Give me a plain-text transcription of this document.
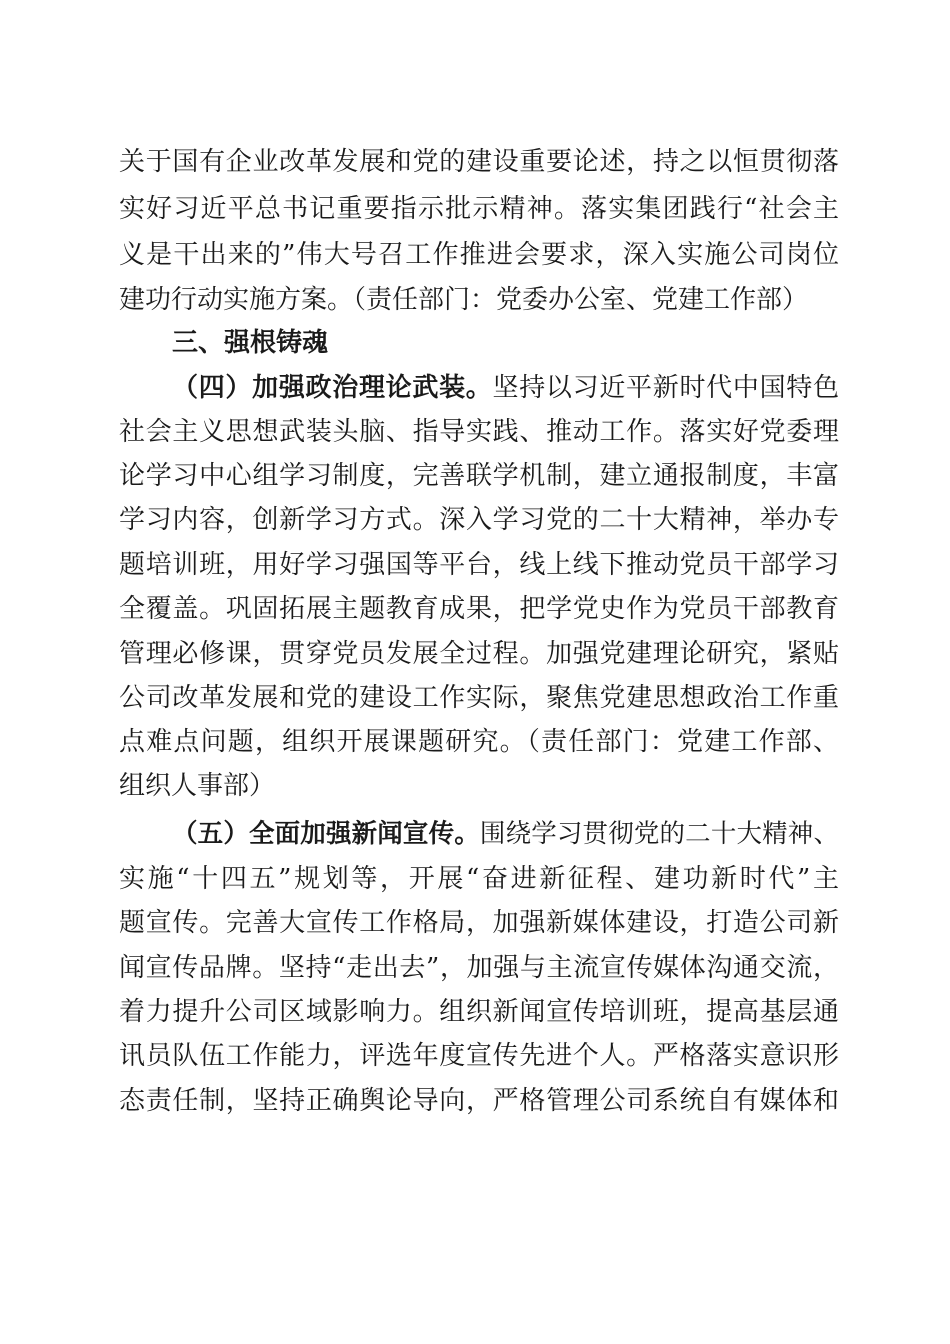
关于国有企业改革发展和党的建设重要论述，持之以恒贯彻落
实好习近平总书记重要指示批示精神。落实集团践行“社会主
义是干出来的”伟大号召工作推进会要求，深入实施公司岗位
建功行动实施方案。（责任部门：党委办公室、党建工作部）
三、强根铸魂
（四）加强政治理论武装。坚持以习近平新时代中国特色
社会主义思想武装头脑、指导实践、推动工作。落实好党委理
论学习中心组学习制度，完善联学机制，建立通报制度，丰富
学习内容，创新学习方式。深入学习党的二十大精神，举办专
题培训班，用好学习强国等平台，线上线下推动党员干部学习
全覆盖。巩固拓展主题教育成果，把学党史作为党员干部教育
管理必修课，贯穿党员发展全过程。加强党建理论研究，紧贴
公司改革发展和党的建设工作实际，聚焦党建思想政治工作重
点难点问题，组织开展课题研究。（责任部门：党建工作部、
组织人事部）
（五）全面加强新闻宣传。围绕学习贯彻党的二十大精神、
实施“十四五”规划等，开展“奋进新征程、建功新时代”主
题宣传。完善大宣传工作格局，加强新媒体建设，打造公司新
闻宣传品牌。坚持“走出去”，加强与主流宣传媒体沟通交流，
着力提升公司区域影响力。组织新闻宣传培训班，提高基层通
讯员队伍工作能力，评选年度宣传先进个人。严格落实意识形
态责任制，坚持正确舆论导向，严格管理公司系统自有媒体和
